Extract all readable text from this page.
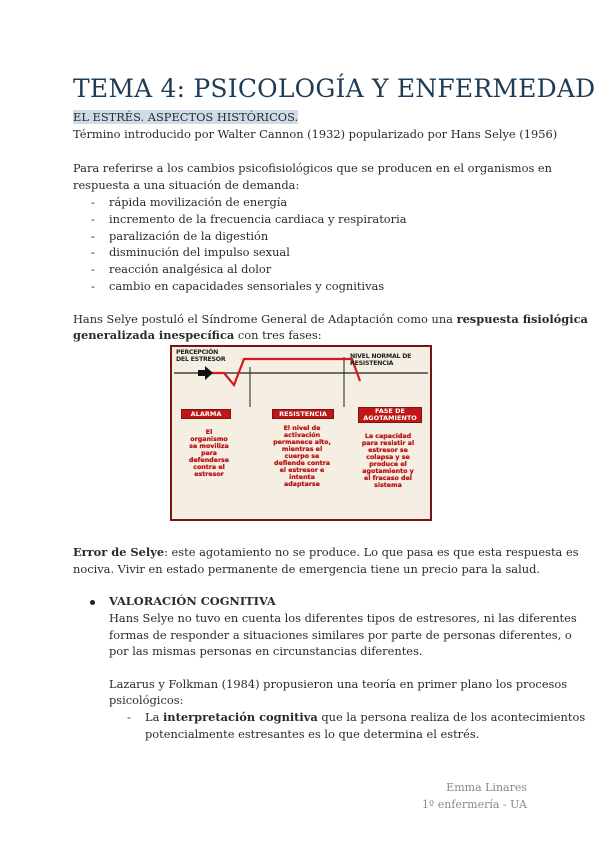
TEMA 4: PSICOLOGÍA Y ENFERMEDAD
EL ESTRÉS. ASPECTOS HISTÓRICOS.
Término introducido por Walter Cannon (1932) popularizado por Hans Selye (1956)
Para referirse a los cambios psicofisiológicos que se producen en el organismos en
respuesta a una situación de demanda:
- rápida movilización de energía
- incremento de la frecuencia cardiaca y respiratoria
- paralización de la digestión
- disminución del impulso sexual
- reacción analgésica al dolor
- cambio en capacidades sensoriales y cognitivas
Hans Selye postuló el Síndrome General de Adaptación como una respuesta fisiológica
generalizada inespecífica con tres fases:
PERCEPCIÓN
DEL ESTRESOR	NIVEL NORMAL DE
RESISTENCIA
ALARMA	RESISTENCIA	FASE DE AGOTAMIENTO
El
organismo
se moviliza
para
defenderse
contra el
estresor
El nivel de
activación
permanece alto,
mientras el
cuerpo se
defiende contra
el estresor e
intenta
adaptarse
La capacidad
para resistir al
estresor se
colapsa y se
produce el
agotamiento y
el fracaso del
sistema
Error de Selye: este agotamiento no se produce. Lo que pasa es que esta respuesta es
nociva. Vivir en estado permanente de emergencia tiene un precio para la salud.
VALORACIÓN COGNITIVA
Hans Selye no tuvo en cuenta los diferentes tipos de estresores, ni las diferentes
formas de responder a situaciones similares por parte de personas diferentes, o
por las mismas personas en circunstancias diferentes.
Lazarus y Folkman (1984) propusieron una teoría en primer plano los procesos
psicológicos:
- La interpretación cognitiva que la persona realiza de los acontecimientos
potencialmente estresantes es lo que determina el estrés.
Emma Linares
1º enfermería - UA
